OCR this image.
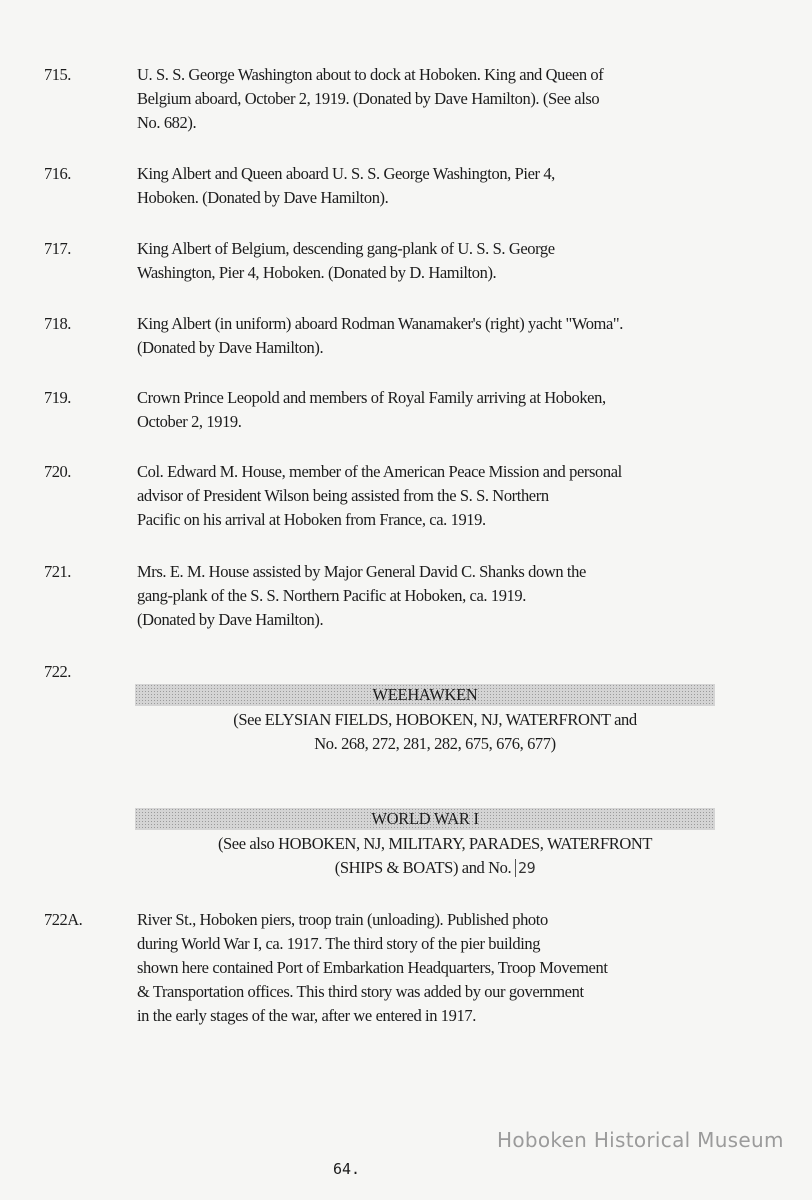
715.	U. S. S. George Washington about to dock at Hoboken. King and Queen of
Belgium aboard, October 2, 1919. (Donated by Dave Hamilton). (See also
No. 682).
716.	King Albert and Queen aboard U. S. S. George Washington, Pier 4,
Hoboken. (Donated by Dave Hamilton).
717.	King Albert of Belgium, descending gang-plank of U. S. S. George
Washington, Pier 4, Hoboken. (Donated by D. Hamilton).
718.	King Albert (in uniform) aboard Rodman Wanamaker's (right) yacht "Woma".
(Donated by Dave Hamilton).
719.	Crown Prince Leopold and members of Royal Family arriving at Hoboken,
October 2, 1919.
720.	Col. Edward M. House, member of the American Peace Mission and personal
advisor of President Wilson being assisted from the S. S. Northern
Pacific on his arrival at Hoboken from France, ca. 1919.
721.	Mrs. E. M. House assisted by Major General David C. Shanks down the
gang-plank of the S. S. Northern Pacific at Hoboken, ca. 1919.
(Donated by Dave Hamilton).
722.
WEEHAWKEN
(See ELYSIAN FIELDS, HOBOKEN, NJ, WATERFRONT and
No. 268, 272, 281, 282, 675, 676, 677)
WORLD WAR I
(See also HOBOKEN, NJ, MILITARY, PARADES, WATERFRONT
(SHIPS & BOATS) and No. 29
722A.	River St., Hoboken piers, troop train (unloading). Published photo
during World War I, ca. 1917. The third story of the pier building
shown here contained Port of Embarkation Headquarters, Troop Movement
& Transportation offices. This third story was added by our government
in the early stages of the war, after we entered in 1917.
Hoboken Historical Museum
64.
